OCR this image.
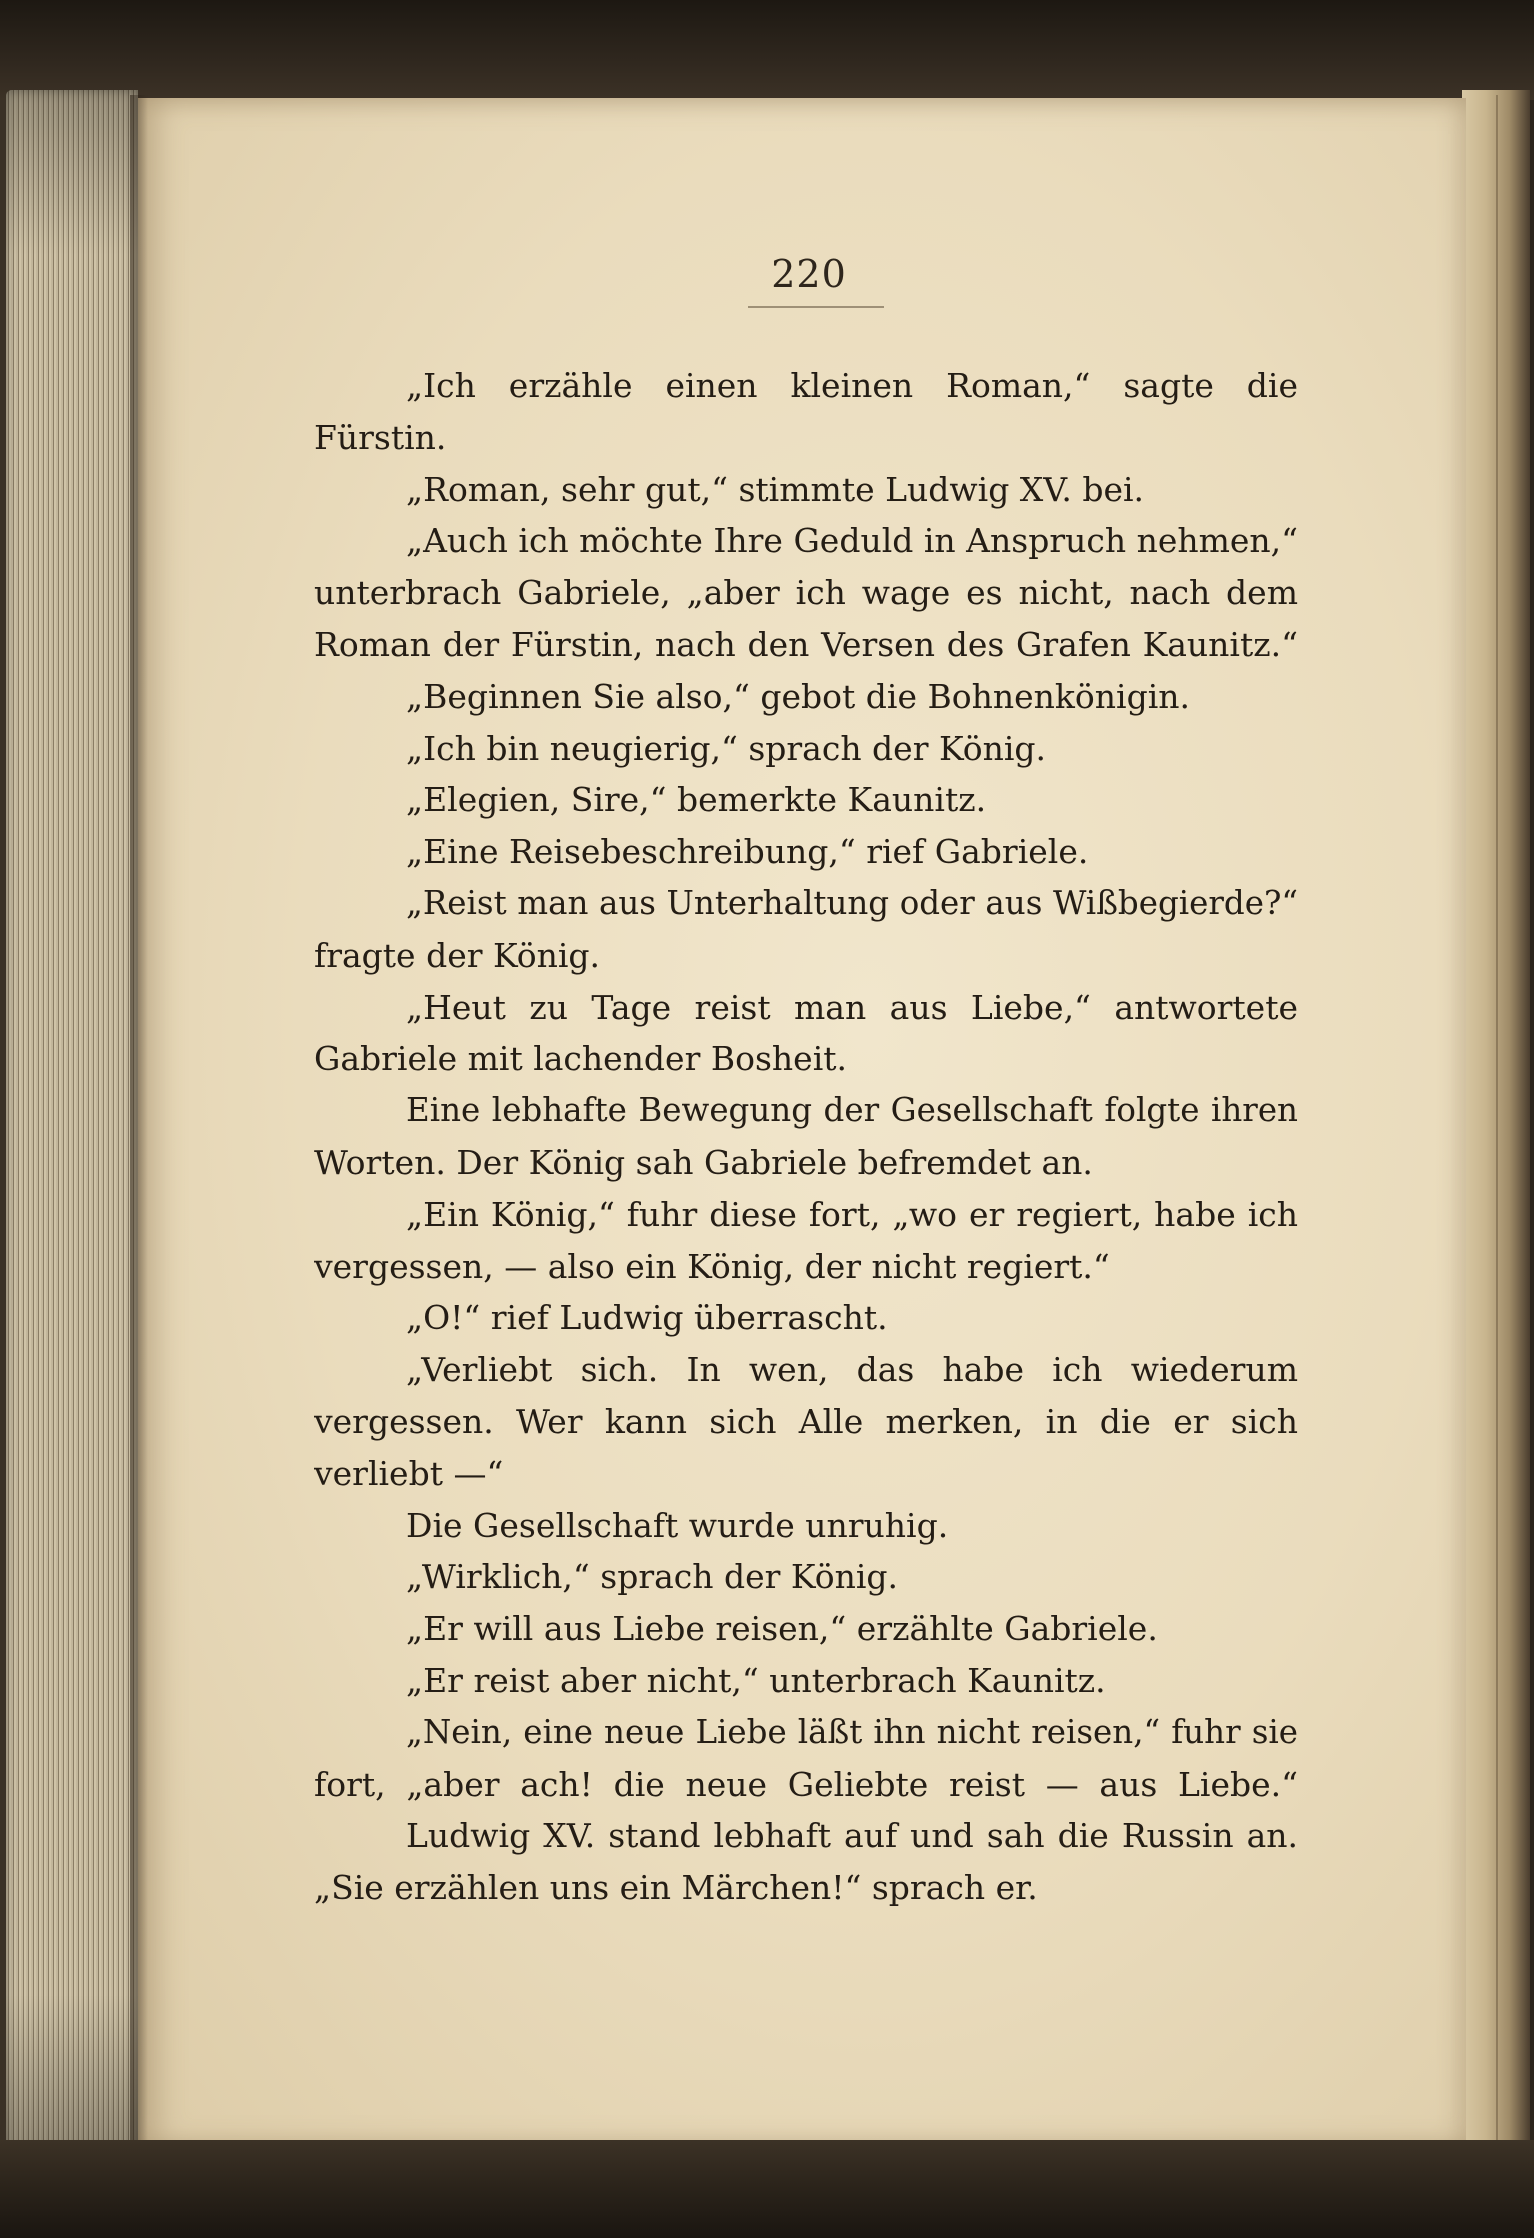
220
„Ich erzähle einen kleinen Roman,“ sagte die
Fürstin.
„Roman, sehr gut,“ stimmte Ludwig XV. bei.
„Auch ich möchte Ihre Geduld in Anspruch nehmen,“
unterbrach Gabriele, „aber ich wage es nicht, nach dem
Roman der Fürstin, nach den Versen des Grafen Kaunitz.“
„Beginnen Sie also,“ gebot die Bohnenkönigin.
„Ich bin neugierig,“ sprach der König.
„Elegien, Sire,“ bemerkte Kaunitz.
„Eine Reisebeschreibung,“ rief Gabriele.
„Reist man aus Unterhaltung oder aus Wißbegierde?“
fragte der König.
„Heut zu Tage reist man aus Liebe,“ antwortete
Gabriele mit lachender Bosheit.
Eine lebhafte Bewegung der Gesellschaft folgte ihren
Worten. Der König sah Gabriele befremdet an.
„Ein König,“ fuhr diese fort, „wo er regiert, habe ich
vergessen, — also ein König, der nicht regiert.“
„O!“ rief Ludwig überrascht.
„Verliebt sich. In wen, das habe ich wiederum
vergessen. Wer kann sich Alle merken, in die er sich
verliebt —“
Die Gesellschaft wurde unruhig.
„Wirklich,“ sprach der König.
„Er will aus Liebe reisen,“ erzählte Gabriele.
„Er reist aber nicht,“ unterbrach Kaunitz.
„Nein, eine neue Liebe läßt ihn nicht reisen,“ fuhr sie
fort, „aber ach! die neue Geliebte reist — aus Liebe.“
Ludwig XV. stand lebhaft auf und sah die Russin an.
„Sie erzählen uns ein Märchen!“ sprach er.
